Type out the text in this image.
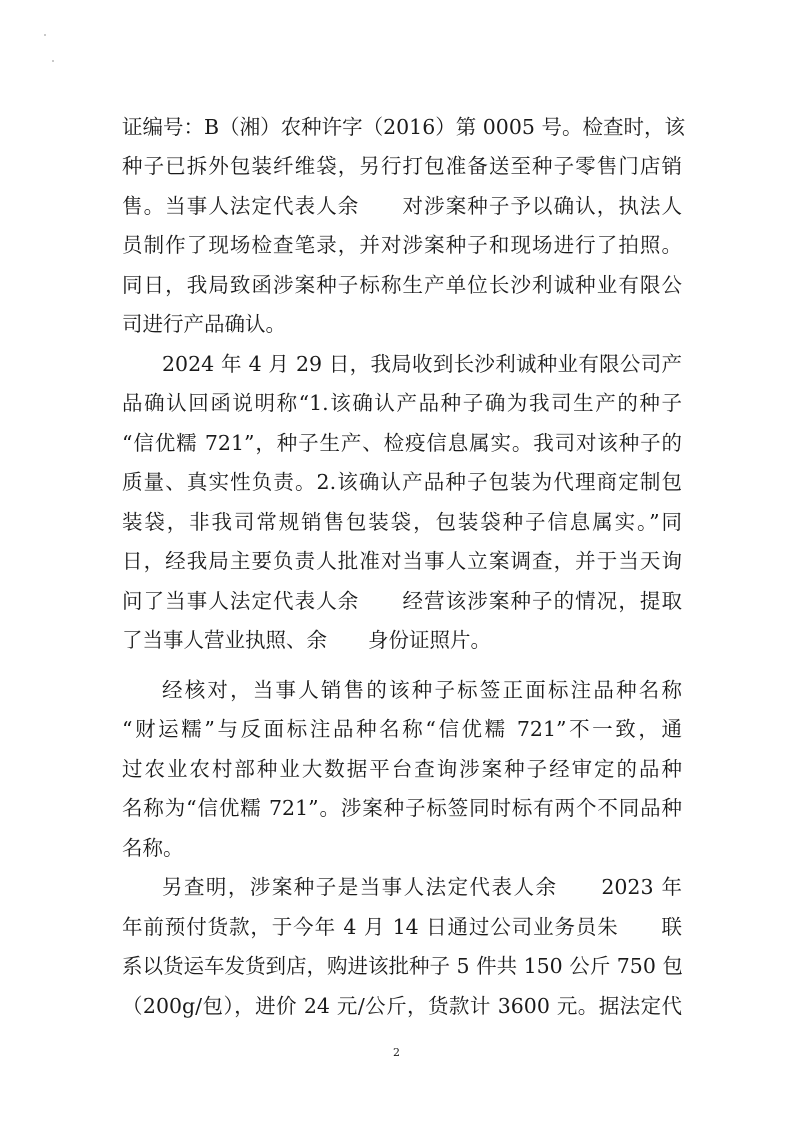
证编号：B（湘）农种许字（2016）第 0005 号。检查时，该
种子已拆外包装纤维袋，另行打包准备送至种子零售门店销
售。当事人法定代表人余　　对涉案种子予以确认，执法人
员制作了现场检查笔录，并对涉案种子和现场进行了拍照。
同日，我局致函涉案种子标称生产单位长沙利诚种业有限公
司进行产品确认。
2024 年 4 月 29 日，我局收到长沙利诚种业有限公司产
品确认回函说明称“1.该确认产品种子确为我司生产的种子
“信优糯 721”，种子生产、检疫信息属实。我司对该种子的
质量、真实性负责。2.该确认产品种子包装为代理商定制包
装袋，非我司常规销售包装袋，包装袋种子信息属实。”同
日，经我局主要负责人批准对当事人立案调查，并于当天询
问了当事人法定代表人余　　经营该涉案种子的情况，提取
了当事人营业执照、余　　身份证照片。
经核对，当事人销售的该种子标签正面标注品种名称
“财运糯”与反面标注品种名称“信优糯 721”不一致，通
过农业农村部种业大数据平台查询涉案种子经审定的品种
名称为“信优糯 721”。涉案种子标签同时标有两个不同品种
名称。
另查明，涉案种子是当事人法定代表人余　　2023 年
年前预付货款，于今年 4 月 14 日通过公司业务员朱　　联
系以货运车发货到店，购进该批种子 5 件共 150 公斤 750 包
（200g/包），进价 24 元/公斤，货款计 3600 元。据法定代
2
